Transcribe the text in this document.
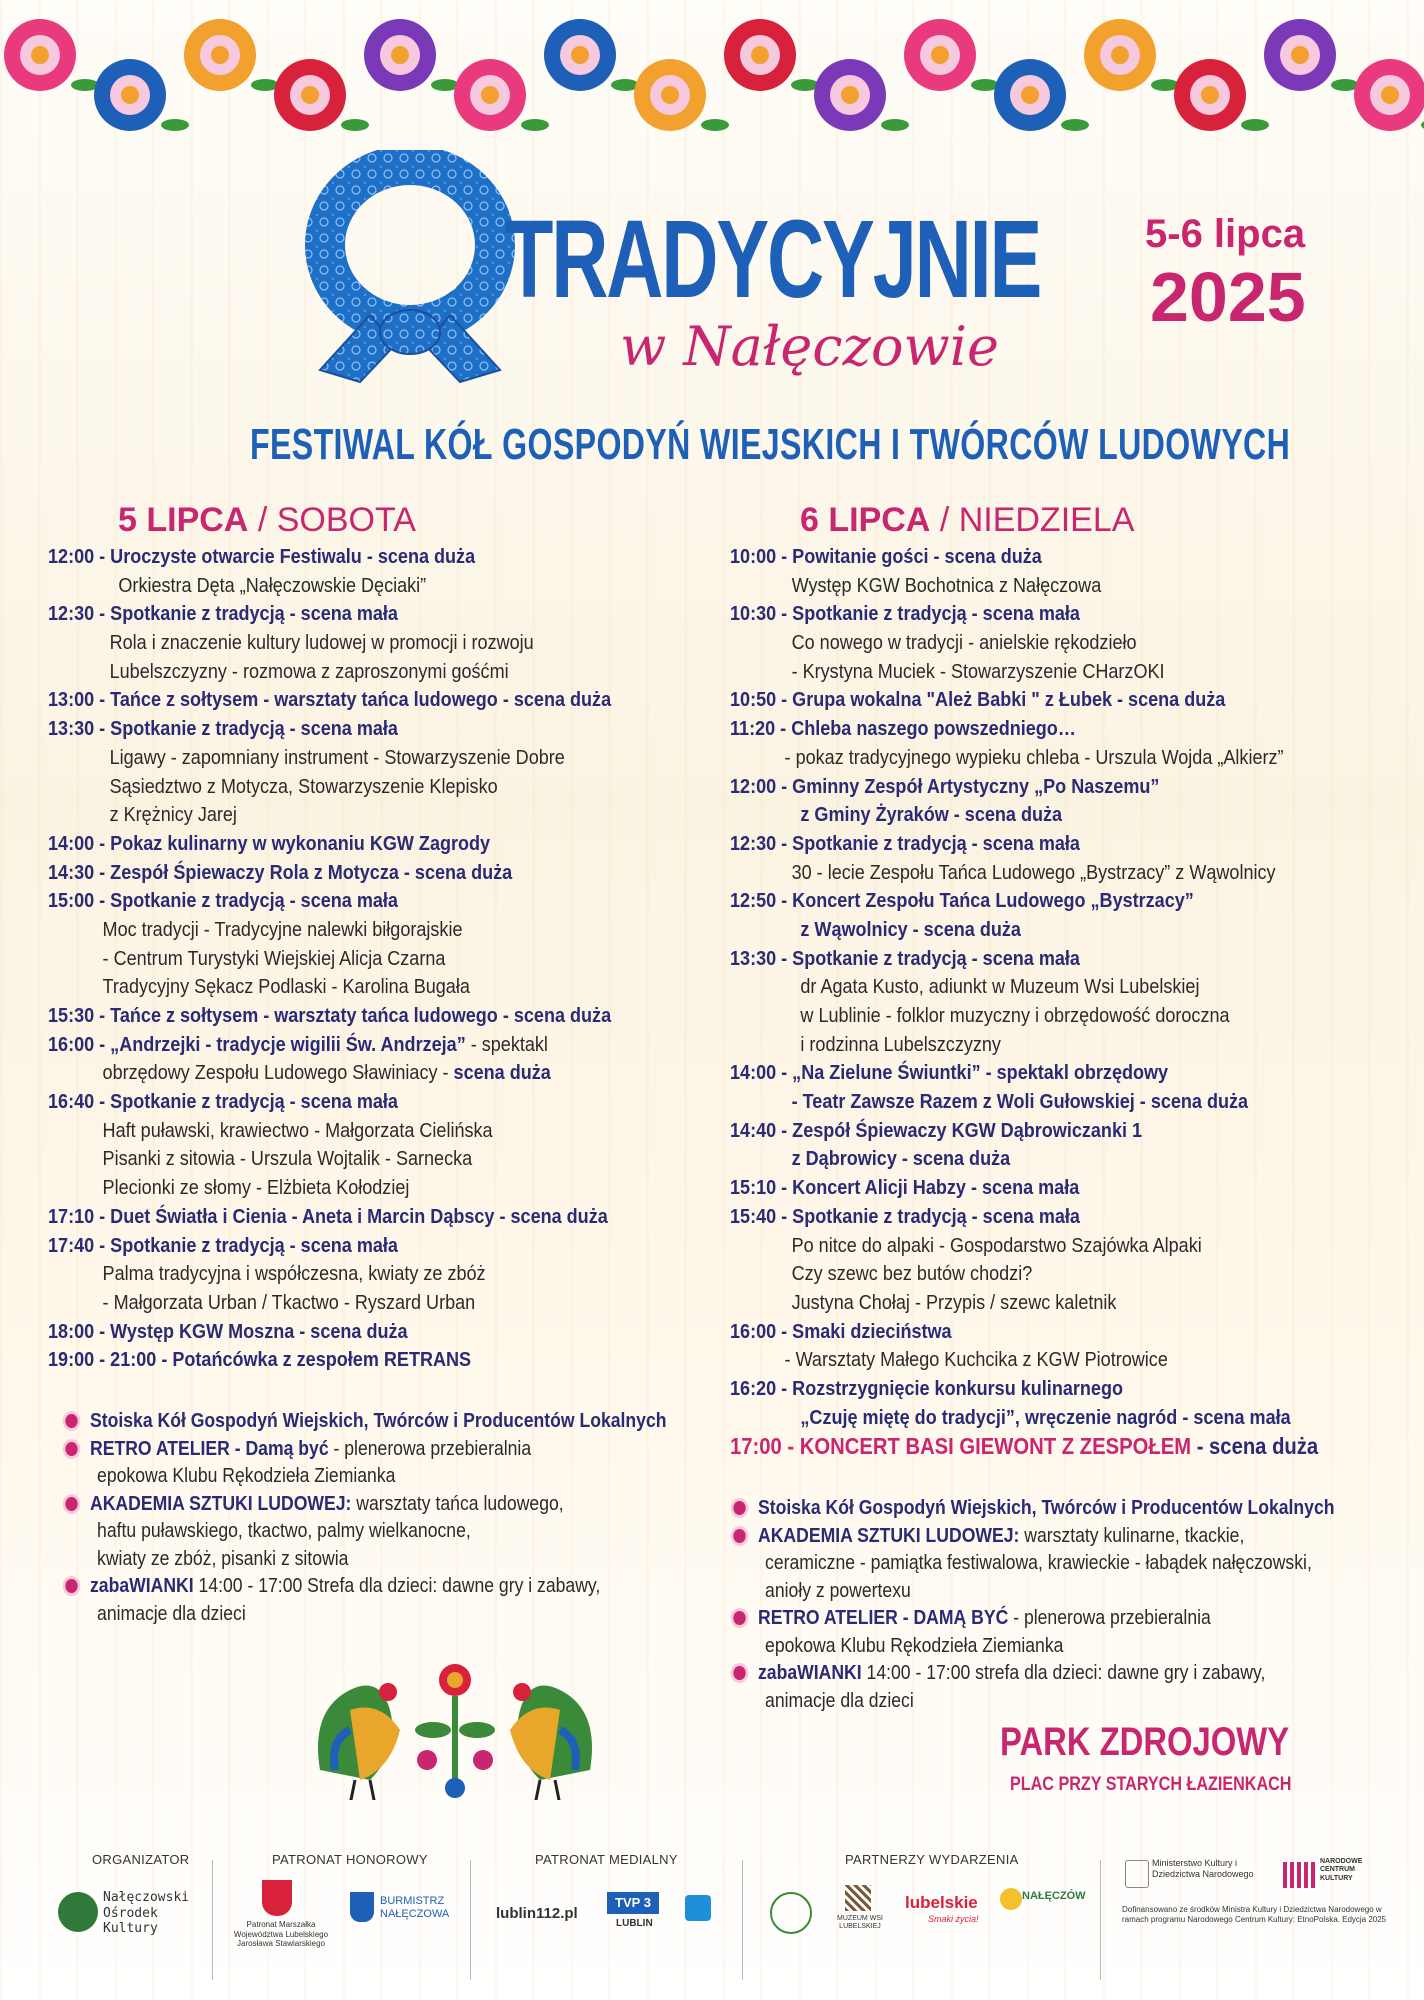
TRADYCYJNIE
w Nałęczowie
5-6 lipca
2025
FESTIWAL KÓŁ GOSPODYŃ WIEJSKICH I TWÓRCÓW LUDOWYCH
5 LIPCA / SOBOTA
12:00 - Uroczyste otwarcie Festiwalu - scena duża
Orkiestra Dęta „Nałęczowskie Dęciaki”
12:30 - Spotkanie z tradycją - scena mała
Rola i znaczenie kultury ludowej w promocji i rozwoju
Lubelszczyzny - rozmowa z zaproszonymi gośćmi
13:00 - Tańce z sołtysem - warsztaty tańca ludowego - scena duża
13:30 - Spotkanie z tradycją - scena mała
Ligawy - zapomniany instrument - Stowarzyszenie Dobre
Sąsiedztwo z Motycza, Stowarzyszenie Klepisko
z Krężnicy Jarej
14:00 - Pokaz kulinarny w wykonaniu KGW Zagrody
14:30 - Zespół Śpiewaczy Rola z Motycza - scena duża
15:00 - Spotkanie z tradycją - scena mała
Moc tradycji - Tradycyjne nalewki biłgorajskie
- Centrum Turystyki Wiejskiej Alicja Czarna
Tradycyjny Sękacz Podlaski - Karolina Bugała
15:30 - Tańce z sołtysem - warsztaty tańca ludowego - scena duża
16:00 - „Andrzejki - tradycje wigilii Św. Andrzeja” - spektakl
obrzędowy Zespołu Ludowego Sławiniacy - scena duża
16:40 - Spotkanie z tradycją - scena mała
Haft puławski, krawiectwo - Małgorzata Cielińska
Pisanki z sitowia - Urszula Wojtalik - Sarnecka
Plecionki ze słomy - Elżbieta Kołodziej
17:10 - Duet Światła i Cienia - Aneta i Marcin Dąbscy - scena duża
17:40 - Spotkanie z tradycją - scena mała
Palma tradycyjna i współczesna, kwiaty ze zbóż
- Małgorzata Urban / Tkactwo - Ryszard Urban
18:00 - Występ KGW Moszna - scena duża
19:00 - 21:00 - Potańcówka z zespołem RETRANS
6 LIPCA / NIEDZIELA
10:00 - Powitanie gości - scena duża
Występ KGW Bochotnica z Nałęczowa
10:30 - Spotkanie z tradycją - scena mała
Co nowego w tradycji - anielskie rękodzieło
- Krystyna Muciek - Stowarzyszenie CHarzOKI
10:50 - Grupa wokalna "Ależ Babki " z Łubek - scena duża
11:20 - Chleba naszego powszedniego…
- pokaz tradycyjnego wypieku chleba - Urszula Wojda „Alkierz”
12:00 - Gminny Zespół Artystyczny „Po Naszemu”
z Gminy Żyraków - scena duża
12:30 - Spotkanie z tradycją - scena mała
30 - lecie Zespołu Tańca Ludowego „Bystrzacy” z Wąwolnicy
12:50 - Koncert Zespołu Tańca Ludowego „Bystrzacy”
z Wąwolnicy - scena duża
13:30 - Spotkanie z tradycją - scena mała
dr Agata Kusto, adiunkt w Muzeum Wsi Lubelskiej
w Lublinie - folklor muzyczny i obrzędowość doroczna
i rodzinna Lubelszczyzny
14:00 - „Na Zielune Świuntki” - spektakl obrzędowy
- Teatr Zawsze Razem z Woli Gułowskiej - scena duża
14:40 - Zespół Śpiewaczy KGW Dąbrowiczanki 1
z Dąbrowicy - scena duża
15:10 - Koncert Alicji Habzy - scena mała
15:40 - Spotkanie z tradycją - scena mała
Po nitce do alpaki - Gospodarstwo Szajówka Alpaki
Czy szewc bez butów chodzi?
Justyna Chołaj - Przypis / szewc kaletnik
16:00 - Smaki dzieciństwa
- Warsztaty Małego Kuchcika z KGW Piotrowice
16:20 - Rozstrzygnięcie konkursu kulinarnego
„Czuję miętę do tradycji”, wręczenie nagród - scena mała
17:00 - KONCERT BASI GIEWONT Z ZESPOŁEM - scena duża
Stoiska Kół Gospodyń Wiejskich, Twórców i Producentów Lokalnych
RETRO ATELIER - Damą być - plenerowa przebieralnia
epokowa Klubu Rękodzieła Ziemianka
AKADEMIA SZTUKI LUDOWEJ: warsztaty tańca ludowego,
haftu puławskiego, tkactwo, palmy wielkanocne,
kwiaty ze zbóż, pisanki z sitowia
zabaWIANKI 14:00 - 17:00 Strefa dla dzieci: dawne gry i zabawy,
animacje dla dzieci
Stoiska Kół Gospodyń Wiejskich, Twórców i Producentów Lokalnych
AKADEMIA SZTUKI LUDOWEJ: warsztaty kulinarne, tkackie,
ceramiczne - pamiątka festiwalowa, krawieckie - łabądek nałęczowski,
anioły z powertexu
RETRO ATELIER - DAMĄ BYĆ - plenerowa przebieralnia
epokowa Klubu Rękodzieła Ziemianka
zabaWIANKI 14:00 - 17:00 strefa dla dzieci: dawne gry i zabawy,
animacje dla dzieci
PARK ZDROJOWY
PLAC PRZY STARYCH ŁAZIENKACH
ORGANIZATOR	PATRONAT HONOROWY	PATRONAT MEDIALNY	PARTNERZY WYDARZENIA
Nałęczowski Ośrodek Kultury	Patronat Marszałka Województwa Lubelskiego Jarosława Stawiarskiego
BURMISTRZ NAŁĘCZOWA	lublin112.pl
TVP 3
LUBLIN	MUZEUM WSI LUBELSKIEJ
lubelskie
Smaki życia!
NAŁĘCZÓW
Ministerstwo Kultury i Dziedzictwa Narodowego
NARODOWE CENTRUM KULTURY
Dofinansowano ze środków Ministra Kultury i Dziedzictwa Narodowego w ramach programu Narodowego Centrum Kultury: EtnoPolska. Edycja 2025
